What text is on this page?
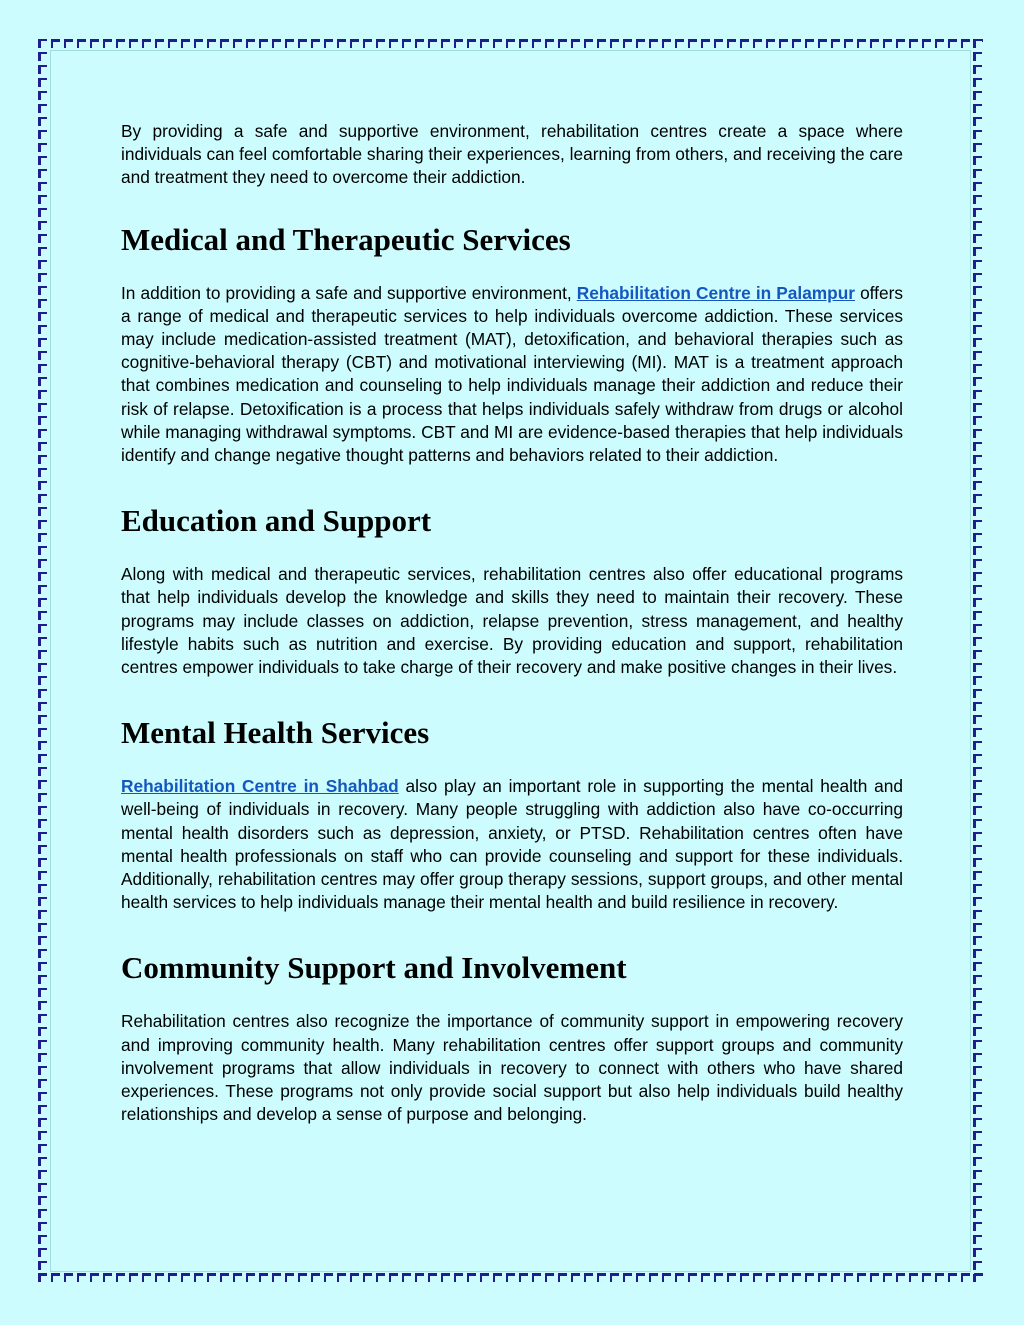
By providing a safe and supportive environment, rehabilitation centres create a space where individuals can feel comfortable sharing their experiences, learning from others, and receiving the care and treatment they need to overcome their addiction.

Medical and Therapeutic Services

In addition to providing a safe and supportive environment, Rehabilitation Centre in Palampur offers a range of medical and therapeutic services to help individuals overcome addiction. These services may include medication-assisted treatment (MAT), detoxification, and behavioral therapies such as cognitive-behavioral therapy (CBT) and motivational interviewing (MI). MAT is a treatment approach that combines medication and counseling to help individuals manage their addiction and reduce their risk of relapse. Detoxification is a process that helps individuals safely withdraw from drugs or alcohol while managing withdrawal symptoms. CBT and MI are evidence-based therapies that help individuals identify and change negative thought patterns and behaviors related to their addiction.

Education and Support

Along with medical and therapeutic services, rehabilitation centres also offer educational programs that help individuals develop the knowledge and skills they need to maintain their recovery. These programs may include classes on addiction, relapse prevention, stress management, and healthy lifestyle habits such as nutrition and exercise. By providing education and support, rehabilitation centres empower individuals to take charge of their recovery and make positive changes in their lives.

Mental Health Services

Rehabilitation Centre in Shahbad also play an important role in supporting the mental health and well-being of individuals in recovery. Many people struggling with addiction also have co-occurring mental health disorders such as depression, anxiety, or PTSD. Rehabilitation centres often have mental health professionals on staff who can provide counseling and support for these individuals. Additionally, rehabilitation centres may offer group therapy sessions, support groups, and other mental health services to help individuals manage their mental health and build resilience in recovery.

Community Support and Involvement

Rehabilitation centres also recognize the importance of community support in empowering recovery and improving community health. Many rehabilitation centres offer support groups and community involvement programs that allow individuals in recovery to connect with others who have shared experiences. These programs not only provide social support but also help individuals build healthy relationships and develop a sense of purpose and belonging.
